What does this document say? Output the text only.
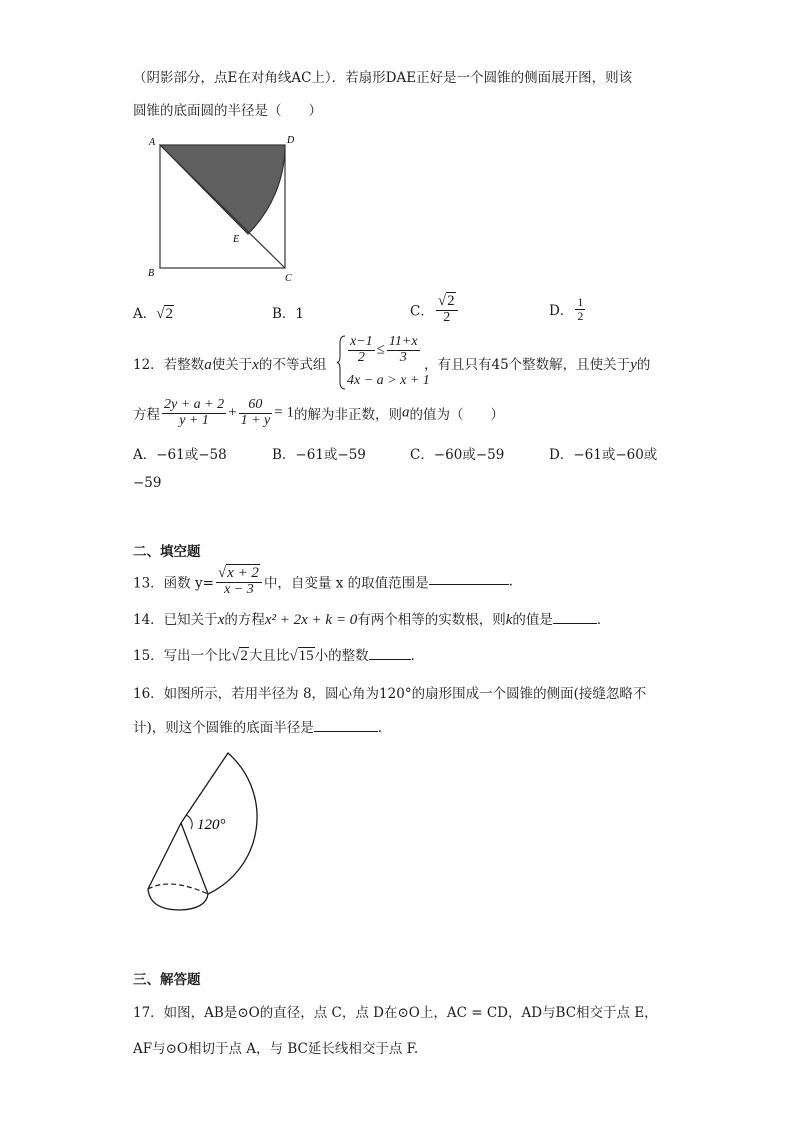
（阴影部分，点E在对角线AC上）．若扇形DAE正好是一个圆锥的侧面展开图，则该
圆锥的底面圆的半径是（　　）
A	D
E
B	C
A．√2	B．1	C． $\frac{√2}{2}$	D． $\frac{1}{2}$
12．若整数a使关于x的不等式组 $\frac{x-1}{2} \le \frac{11+x}{3}$
4x − a > x + 1
，有且只有45个整数解，且使关于y的
方程 $\frac{2y + a + 2}{y + 1} + \frac{60}{1 + y} = 1$的解为非正数，则a的值为（　　）
A．−61或−58	B．−61或−59	C．−60或−59	D．−61或−60或
−59
二、填空题
13．函数 $y= \frac{√x + 2}{x - 3}$ 中，自变量 x 的取值范围是	.
14．已知关于x的方程x² + 2x + k = 0有两个相等的实数根，则k的值是	．
15．写出一个比√2大且比√15小的整数	．
16．如图所示，若用半径为 8，圆心角为120°的扇形围成一个圆锥的侧面(接缝忽略不
计)，则这个圆锥的底面半径是	．
120°
三、解答题
17．如图，AB是⊙O的直径，点 C，点 D在⊙O上，AC = CD，AD与BC相交于点 E，
AF与⊙O相切于点 A，与 BC延长线相交于点 F.
